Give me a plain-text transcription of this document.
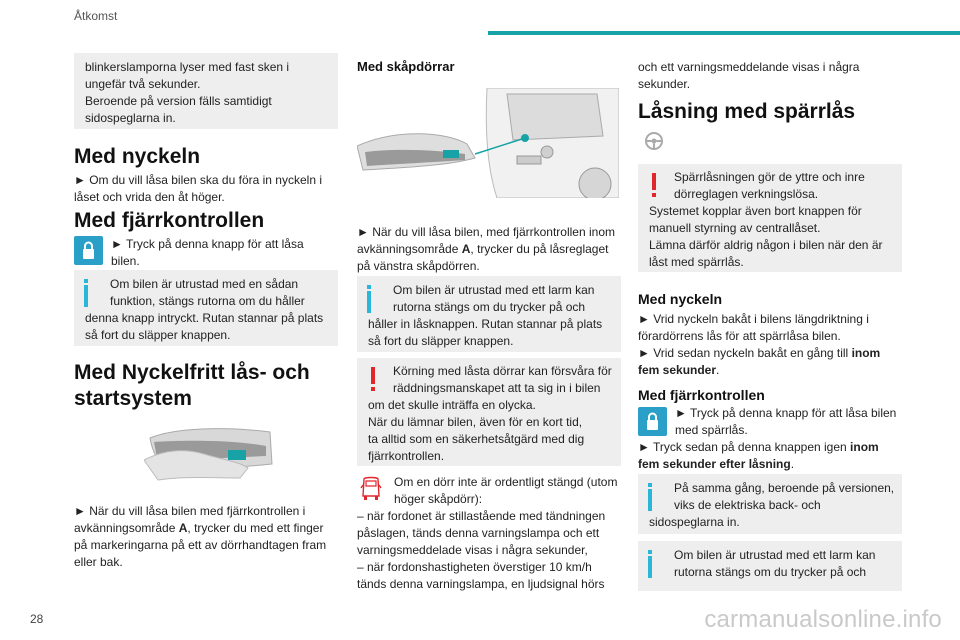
Åtkomst
blinkerslamporna lyser med fast sken i
ungefär två sekunder.
Beroende på version fälls samtidigt
sidospeglarna in.
Med nyckeln
► Om du vill låsa bilen ska du föra in nyckeln i
låset och vrida den åt höger.
Med fjärrkontrollen
► Tryck på denna knapp för att låsa
bilen.
Om bilen är utrustad med en sådan
funktion, stängs rutorna om du håller
denna knapp intryckt. Rutan stannar på plats
så fort du släpper knappen.
Med Nyckelfritt lås- och
startsystem
► När du vill låsa bilen med fjärrkontrollen i
avkänningsområde A, trycker du med ett finger
på markeringarna på ett av dörrhandtagen fram
eller bak.
Med skåpdörrar
► När du vill låsa bilen, med fjärrkontrollen inom
avkänningsområde A, trycker du på låsreglaget
på vänstra skåpdörren.
Om bilen är utrustad med ett larm kan
rutorna stängs om du trycker på och
håller in låsknappen. Rutan stannar på plats
så fort du släpper knappen.
Körning med låsta dörrar kan försvåra för
räddningsmanskapet att ta sig in i bilen
om det skulle inträffa en olycka.
När du lämnar bilen, även för en kort tid,
ta alltid som en säkerhetsåtgärd med dig
fjärrkontrollen.
Om en dörr inte är ordentligt stängd (utom
höger skåpdörr):
– när fordonet är stillastående med tändningen
påslagen, tänds denna varningslampa och ett
varningsmeddelade visas i några sekunder,
– när fordonshastigheten överstiger 10 km/h
tänds denna varningslampa, en ljudsignal hörs
och ett varningsmeddelande visas i några
sekunder.
Låsning med spärrlås
Spärrlåsningen gör de yttre och inre
dörreglagen verkningslösa.
Systemet kopplar även bort knappen för
manuell styrning av centrallåset.
Lämna därför aldrig någon i bilen när den är
låst med spärrlås.
Med nyckeln
► Vrid nyckeln bakåt i bilens längdriktning i
förardörrens lås för att spärrlåsa bilen.
► Vrid sedan nyckeln bakåt en gång till inom
fem sekunder.
Med fjärrkontrollen
► Tryck på denna knapp för att låsa bilen
med spärrlås.
► Tryck sedan på denna knappen igen inom
fem sekunder efter låsning.
På samma gång, beroende på versionen,
viks de elektriska back- och
sidospeglarna in.
Om bilen är utrustad med ett larm kan
rutorna stängs om du trycker på och
28	carmanualsonline.info
